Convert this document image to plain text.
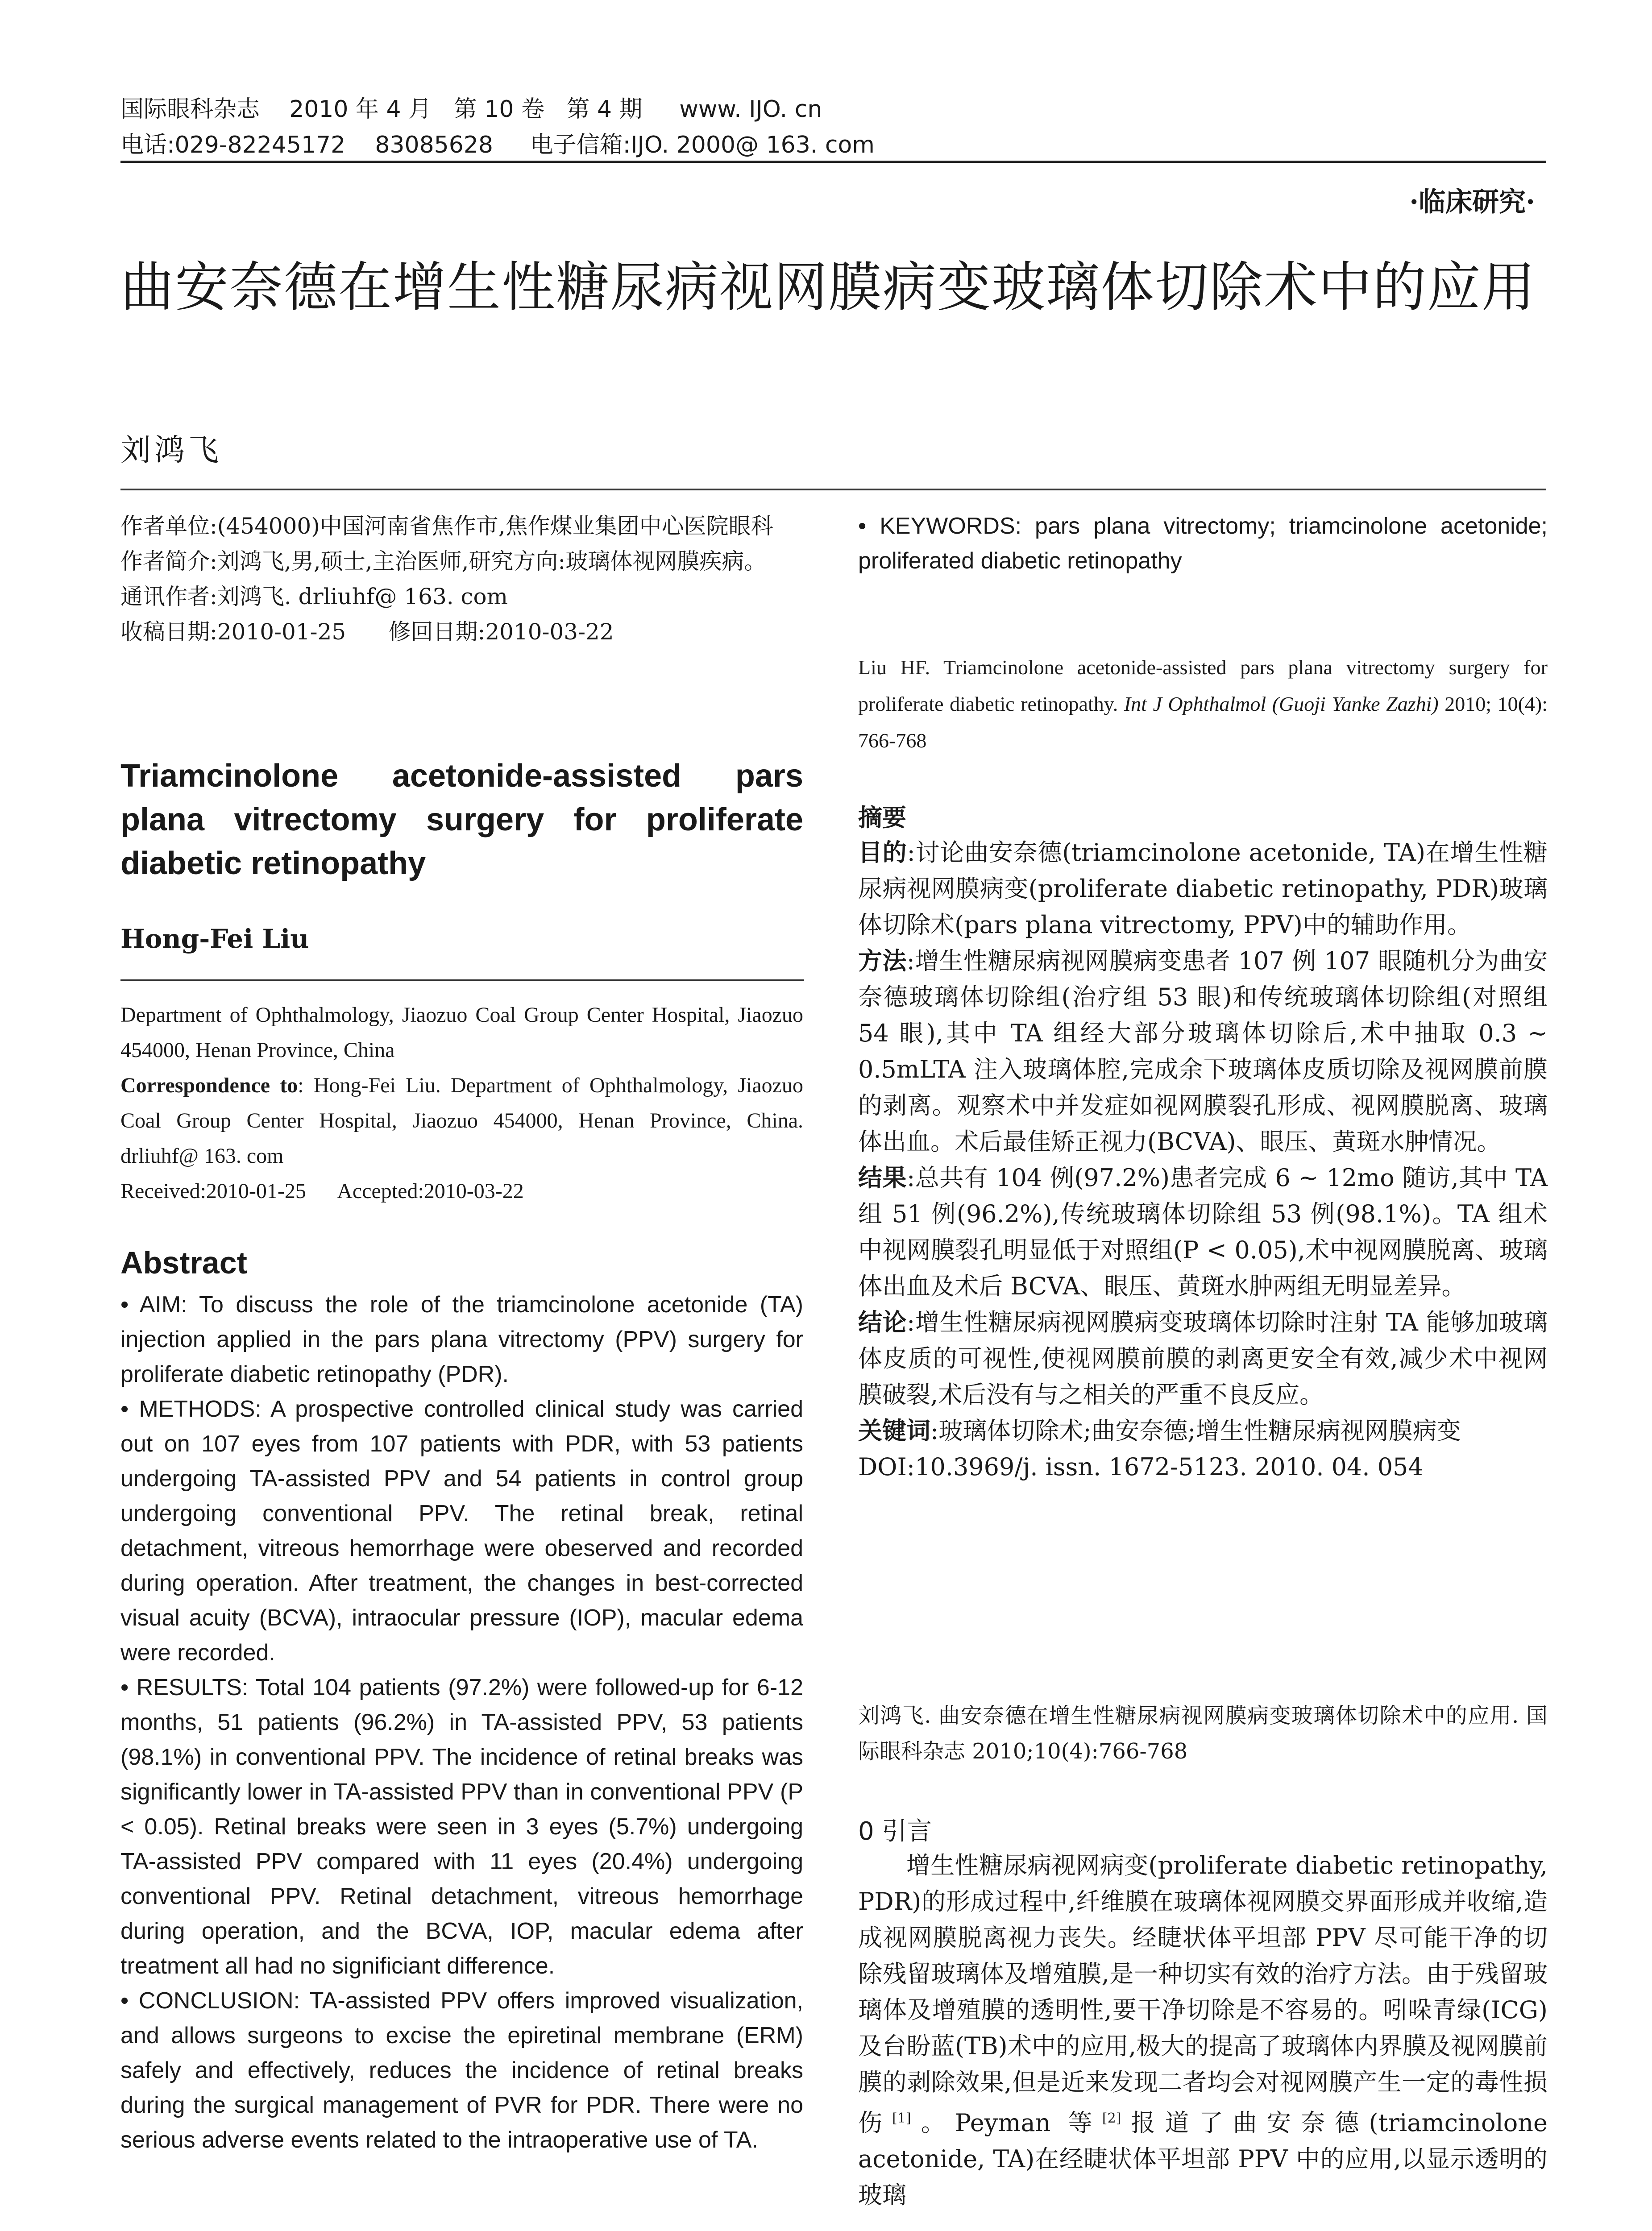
国际眼科杂志    2010 年 4 月   第 10 卷   第 4 期     www. IJO. cn
电话:029-82245172    83085628     电子信箱:IJO. 2000@ 163. com
·临床研究·
曲安奈德在增生性糖尿病视网膜病变玻璃体切除术中的应用
刘鸿飞

作者单位:(454000)中国河南省焦作市,焦作煤业集团中心医院眼科

作者简介:刘鸿飞,男,硕士,主治医师,研究方向:玻璃体视网膜疾病。

通讯作者:刘鸿飞. drliuhf@ 163. com

收稿日期:2010-01-25      修回日期:2010-03-22

Triamcinolone acetonide-assisted pars plana vitrectomy surgery for proliferate diabetic retinopathy
Hong-Fei Liu

Department of Ophthalmology, Jiaozuo Coal Group Center Hospital, Jiaozuo 454000, Henan Province, China

Correspondence to: Hong-Fei Liu. Department of Ophthalmology, Jiaozuo Coal Group Center Hospital, Jiaozuo 454000, Henan Province, China. drliuhf@ 163. com

Received:2010-01-25      Accepted:2010-03-22

Abstract

• AIM: To discuss the role of the triamcinolone acetonide (TA) injection applied in the pars plana vitrectomy (PPV) surgery for proliferate diabetic retinopathy (PDR).

• METHODS: A prospective controlled clinical study was carried out on 107 eyes from 107 patients with PDR, with 53 patients undergoing TA-assisted PPV and 54 patients in control group undergoing conventional PPV. The retinal break, retinal detachment, vitreous hemorrhage were obeserved and recorded during operation. After treatment, the changes in best-corrected visual acuity (BCVA), intraocular pressure (IOP), macular edema were recorded.

• RESULTS: Total 104 patients (97.2%) were followed-up for 6-12 months, 51 patients (96.2%) in TA-assisted PPV, 53 patients (98.1%) in conventional PPV. The incidence of retinal breaks was significantly lower in TA-assisted PPV than in conventional PPV (P < 0.05). Retinal breaks were seen in 3 eyes (5.7%) undergoing TA-assisted PPV compared with 11 eyes (20.4%) undergoing conventional PPV. Retinal detachment, vitreous hemorrhage during operation, and the BCVA, IOP, macular edema after treatment all had no significiant difference.

• CONCLUSION: TA-assisted PPV offers improved visualization, and allows surgeons to excise the epiretinal membrane (ERM) safely and effectively, reduces the incidence of retinal breaks during the surgical management of PVR for PDR. There were no serious adverse events related to the intraoperative use of TA.

• KEYWORDS: pars plana vitrectomy; triamcinolone acetonide; proliferated diabetic retinopathy
Liu HF. Triamcinolone acetonide-assisted pars plana vitrectomy surgery for proliferate diabetic retinopathy. Int J Ophthalmol (Guoji Yanke Zazhi) 2010; 10(4): 766-768
摘要

目的:讨论曲安奈德(triamcinolone acetonide, TA)在增生性糖尿病视网膜病变(proliferate diabetic retinopathy, PDR)玻璃体切除术(pars plana vitrectomy, PPV)中的辅助作用。

方法:增生性糖尿病视网膜病变患者 107 例 107 眼随机分为曲安奈德玻璃体切除组(治疗组 53 眼)和传统玻璃体切除组(对照组 54 眼),其中 TA 组经大部分玻璃体切除后,术中抽取 0.3 ~ 0.5mLTA 注入玻璃体腔,完成余下玻璃体皮质切除及视网膜前膜的剥离。观察术中并发症如视网膜裂孔形成、视网膜脱离、玻璃体出血。术后最佳矫正视力(BCVA)、眼压、黄斑水肿情况。

结果:总共有 104 例(97.2%)患者完成 6 ~ 12mo 随访,其中 TA 组 51 例(96.2%),传统玻璃体切除组 53 例(98.1%)。TA 组术中视网膜裂孔明显低于对照组(P < 0.05),术中视网膜脱离、玻璃体出血及术后 BCVA、眼压、黄斑水肿两组无明显差异。

结论:增生性糖尿病视网膜病变玻璃体切除时注射 TA 能够加玻璃体皮质的可视性,使视网膜前膜的剥离更安全有效,减少术中视网膜破裂,术后没有与之相关的严重不良反应。

关键词:玻璃体切除术;曲安奈德;增生性糖尿病视网膜病变

DOI:10.3969/j. issn. 1672-5123. 2010. 04. 054

刘鸿飞. 曲安奈德在增生性糖尿病视网膜病变玻璃体切除术中的应用. 国际眼科杂志 2010;10(4):766-768
0 引言
增生性糖尿病视网病变(proliferate diabetic retinopathy, PDR)的形成过程中,纤维膜在玻璃体视网膜交界面形成并收缩,造成视网膜脱离视力丧失。经睫状体平坦部 PPV 尽可能干净的切除残留玻璃体及增殖膜,是一种切实有效的治疗方法。由于残留玻璃体及增殖膜的透明性,要干净切除是不容易的。吲哚青绿(ICG)及台盼蓝(TB)术中的应用,极大的提高了玻璃体内界膜及视网膜前膜的剥除效果,但是近来发现二者均会对视网膜产生一定的毒性损伤[1]。Peyman 等[2]报道了曲安奈德(triamcinolone acetonide, TA)在经睫状体平坦部 PPV 中的应用,以显示透明的玻璃
